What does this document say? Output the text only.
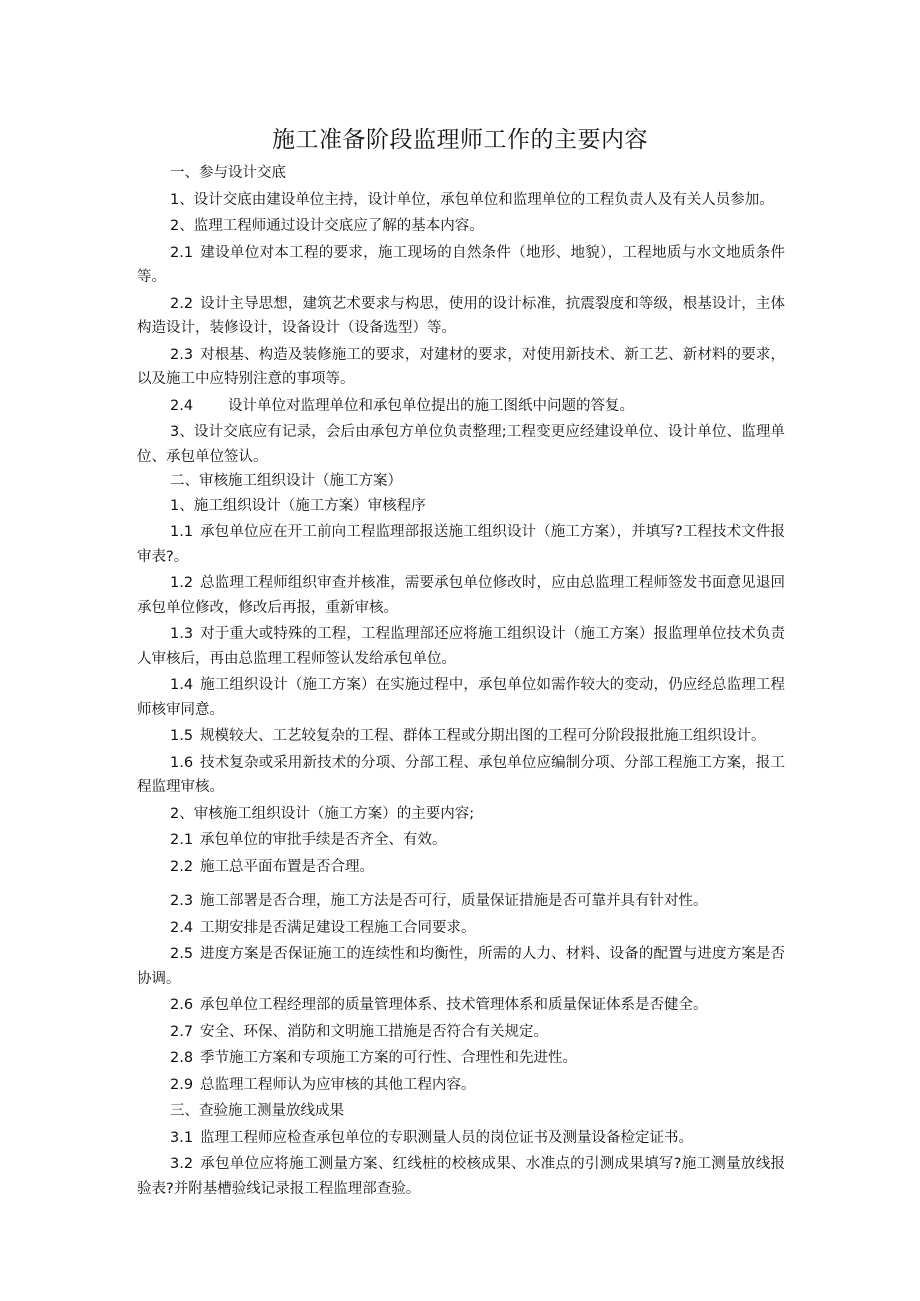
施工准备阶段监理师工作的主要内容

一、参与设计交底

1、设计交底由建设单位主持，设计单位，承包单位和监理单位的工程负责人及有关人员参加。

2、监理工程师通过设计交底应了解的基本内容。

2.1 建设单位对本工程的要求，施工现场的自然条件（地形、地貌），工程地质与水文地质条件等。

2.2 设计主导思想，建筑艺术要求与构思，使用的设计标准，抗震裂度和等级，根基设计，主体构造设计，装修设计，设备设计（设备选型）等。

2.3 对根基、构造及装修施工的要求，对建材的要求，对使用新技术、新工艺、新材料的要求，以及施工中应特别注意的事项等。

2.4 设计单位对监理单位和承包单位提出的施工图纸中问题的答复。

3、设计交底应有记录，会后由承包方单位负责整理;工程变更应经建设单位、设计单位、监理单位、承包单位签认。

二、审核施工组织设计（施工方案）

1、施工组织设计（施工方案）审核程序

1.1 承包单位应在开工前向工程监理部报送施工组织设计（施工方案），并填写?工程技术文件报审表?。

1.2 总监理工程师组织审查并核准，需要承包单位修改时，应由总监理工程师签发书面意见退回承包单位修改，修改后再报，重新审核。

1.3 对于重大或特殊的工程，工程监理部还应将施工组织设计（施工方案）报监理单位技术负责人审核后，再由总监理工程师签认发给承包单位。

1.4 施工组织设计（施工方案）在实施过程中，承包单位如需作较大的变动，仍应经总监理工程师核审同意。

1.5 规模较大、工艺较复杂的工程、群体工程或分期出图的工程可分阶段报批施工组织设计。

1.6 技术复杂或采用新技术的分项、分部工程、承包单位应编制分项、分部工程施工方案，报工程监理审核。

2、审核施工组织设计（施工方案）的主要内容;

2.1 承包单位的审批手续是否齐全、有效。

2.2 施工总平面布置是否合理。

2.3 施工部署是否合理，施工方法是否可行，质量保证措施是否可靠并具有针对性。

2.4 工期安排是否满足建设工程施工合同要求。

2.5 进度方案是否保证施工的连续性和均衡性，所需的人力、材料、设备的配置与进度方案是否协调。

2.6 承包单位工程经理部的质量管理体系、技术管理体系和质量保证体系是否健全。

2.7 安全、环保、消防和文明施工措施是否符合有关规定。

2.8 季节施工方案和专项施工方案的可行性、合理性和先进性。

2.9 总监理工程师认为应审核的其他工程内容。

三、查验施工测量放线成果

3.1 监理工程师应检查承包单位的专职测量人员的岗位证书及测量设备检定证书。

3.2 承包单位应将施工测量方案、红线桩的校核成果、水准点的引测成果填写?施工测量放线报验表?并附基槽验线记录报工程监理部查验。
